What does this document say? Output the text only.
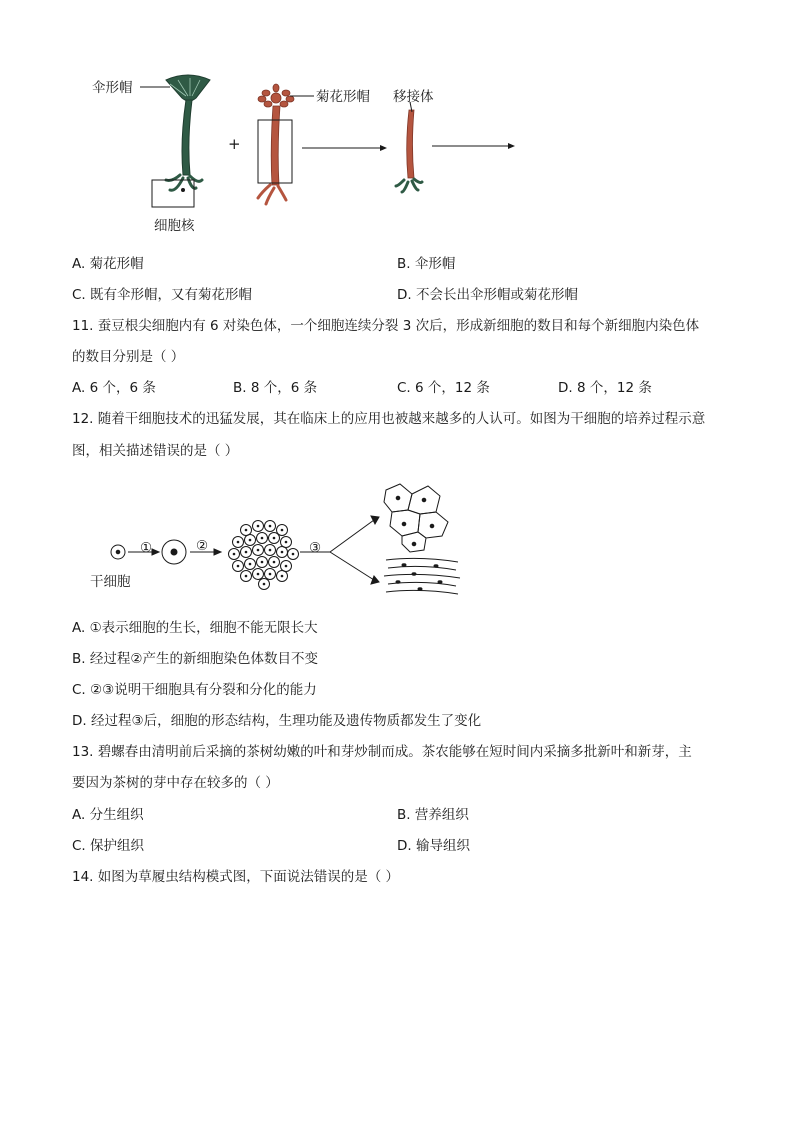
伞形帽
菊花形帽 移接体
细胞核
+
A. 菊花形帽	B. 伞形帽
C. 既有伞形帽，又有菊花形帽	D. 不会长出伞形帽或菊花形帽
11. 蚕豆根尖细胞内有 6 对染色体，一个细胞连续分裂 3 次后，形成新细胞的数目和每个新细胞内染色体
的数目分别是（ ）
A. 6 个，6 条	B. 8 个，6 条	C. 6 个，12 条	D. 8 个，12 条
12. 随着干细胞技术的迅猛发展，其在临床上的应用也被越来越多的人认可。如图为干细胞的培养过程示意
图，相关描述错误的是（ ）
干细胞
①	②	③
A. ①表示细胞的生长，细胞不能无限长大
B. 经过程②产生的新细胞染色体数目不变
C. ②③说明干细胞具有分裂和分化的能力
D. 经过程③后，细胞的形态结构，生理功能及遗传物质都发生了变化
13. 碧螺春由清明前后采摘的茶树幼嫩的叶和芽炒制而成。茶农能够在短时间内采摘多批新叶和新芽，主
要因为茶树的芽中存在较多的（ ）
A. 分生组织	B. 营养组织
C. 保护组织	D. 输导组织
14. 如图为草履虫结构模式图，下面说法错误的是（ ）
